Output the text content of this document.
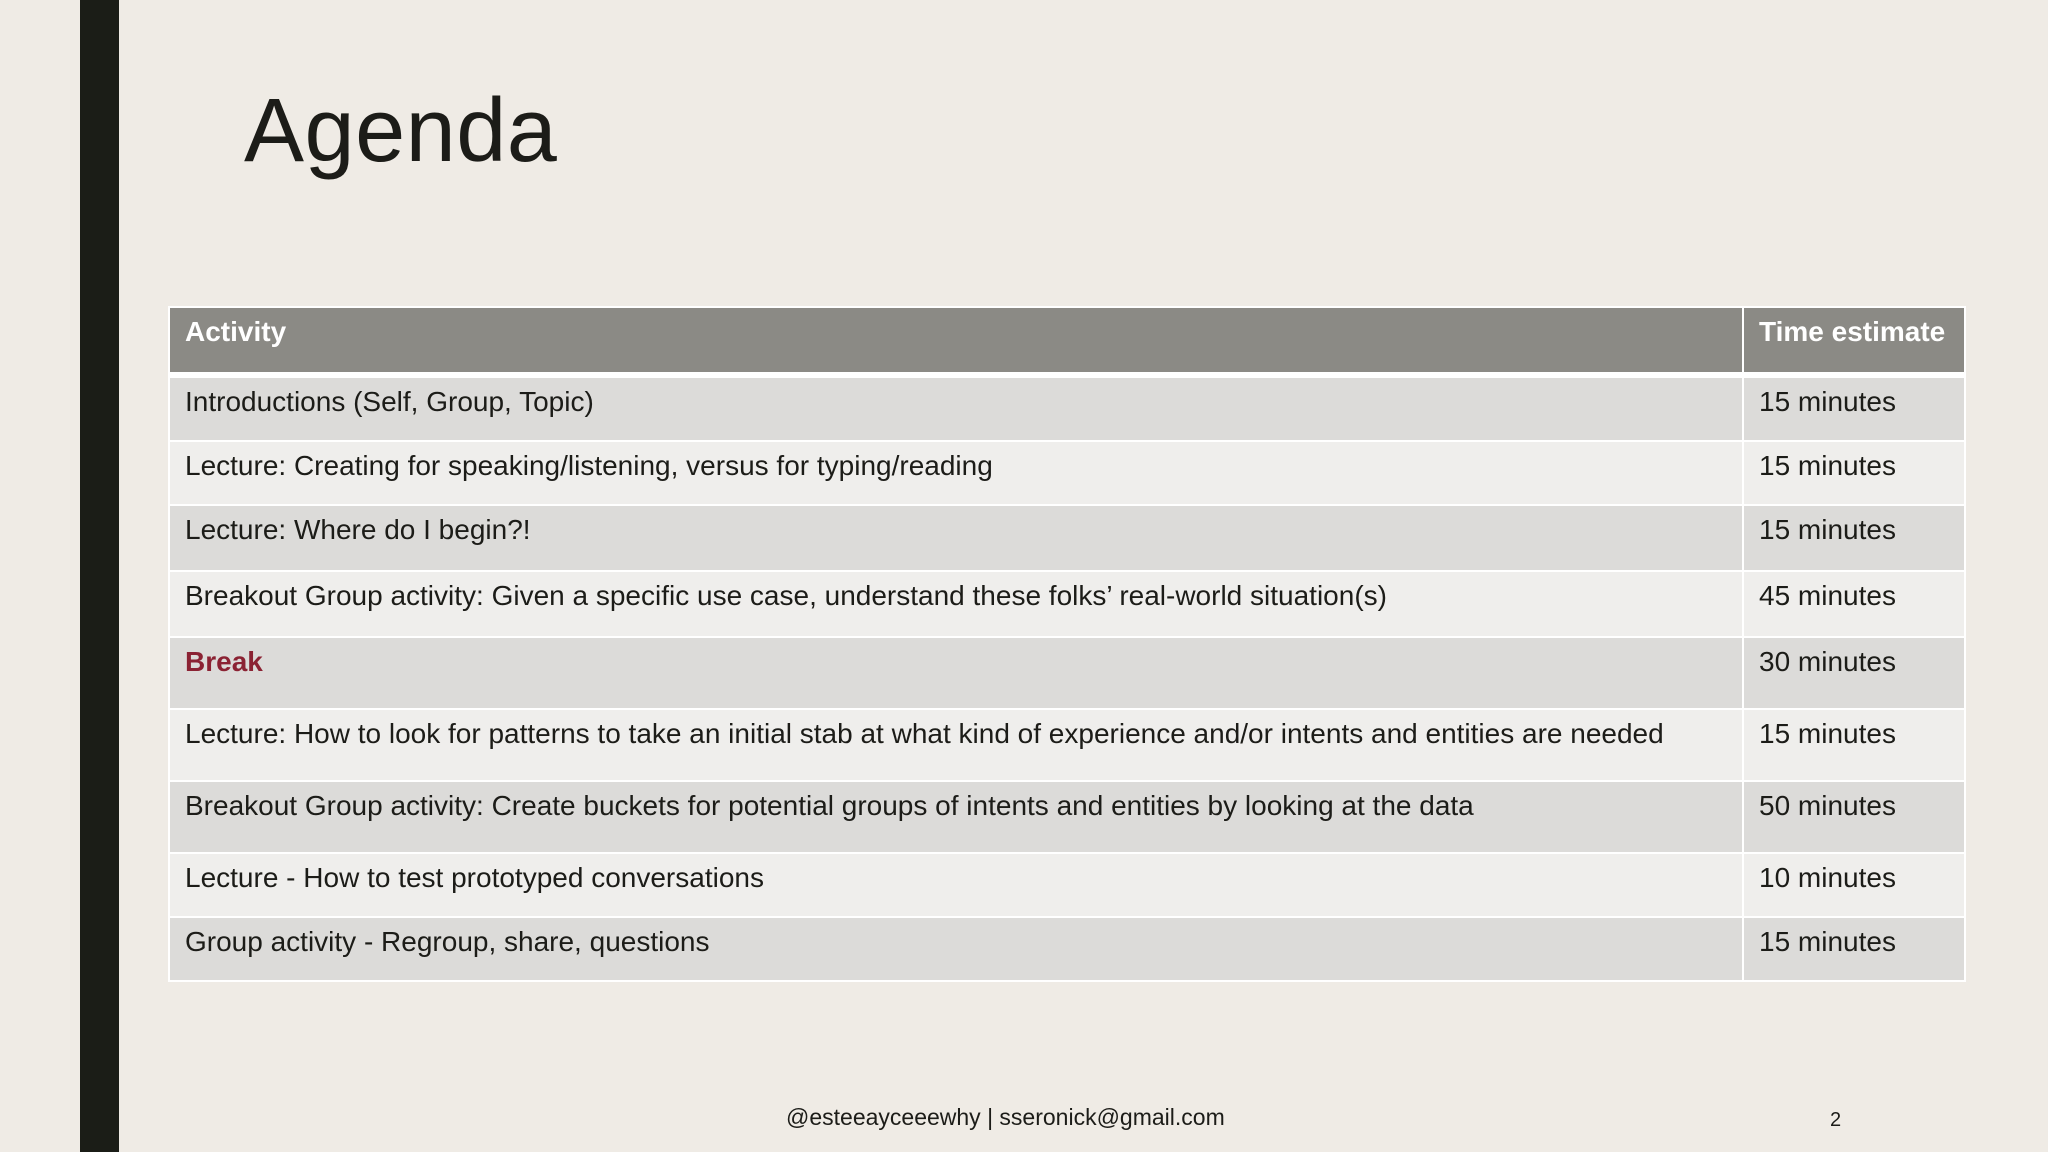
Agenda
Activity	Time estimate
Introductions (Self, Group, Topic)	15 minutes
Lecture: Creating for speaking/listening, versus for typing/reading	15 minutes
Lecture: Where do I begin?!	15 minutes
Breakout Group activity: Given a specific use case, understand these folks’ real-world situation(s)	45 minutes
Break	30 minutes
Lecture: How to look for patterns to take an initial stab at what kind of experience and/or intents and entities are needed	15 minutes
Breakout Group activity: Create buckets for potential groups of intents and entities by looking at the data	50 minutes
Lecture - How to test prototyped conversations	10 minutes
Group activity - Regroup, share, questions	15 minutes
@esteeayceeewhy | sseronick@gmail.com	2
